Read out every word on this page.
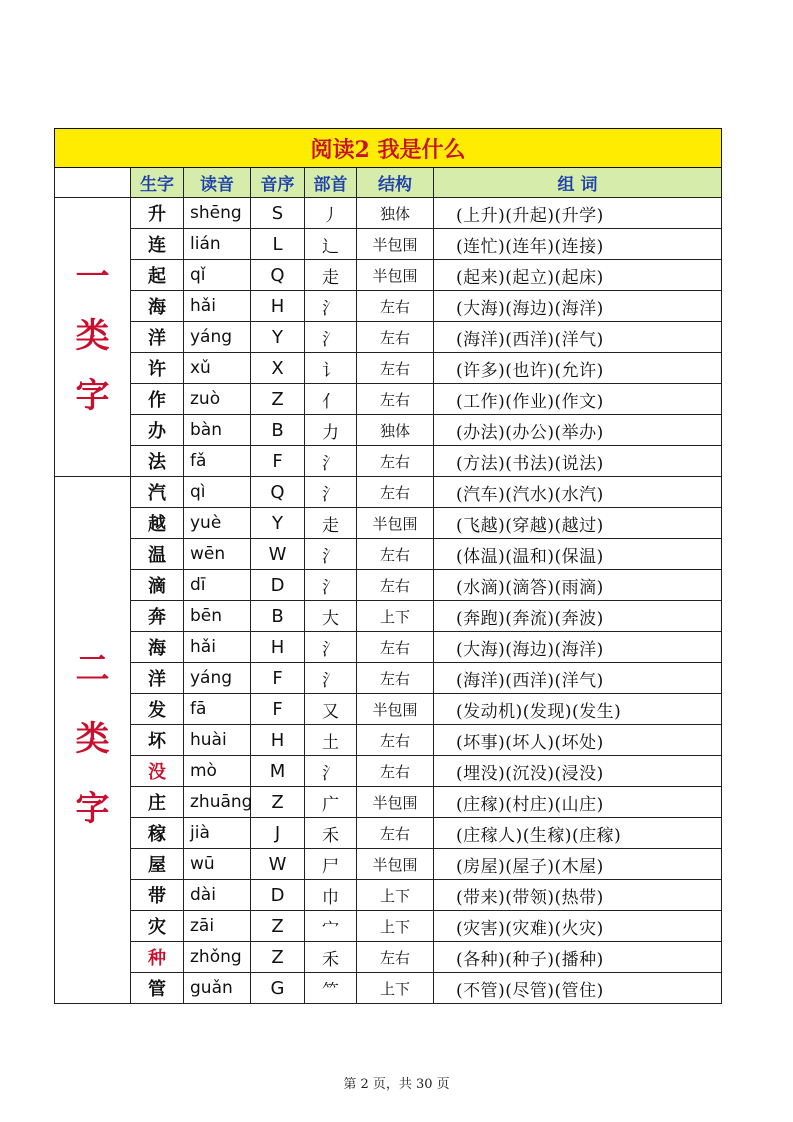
阅读2 我是什么						
	生字	读音	音序	部首	结构	组 词
一类字	升	shēng	S	丿	独体	(上升)(升起)(升学)
	连	lián	L	辶	半包围	(连忙)(连年)(连接)
	起	qǐ	Q	走	半包围	(起来)(起立)(起床)
	海	hǎi	H	氵	左右	(大海)(海边)(海洋)
	洋	yáng	Y	氵	左右	(海洋)(西洋)(洋气)
	许	xǔ	X	讠	左右	(许多)(也许)(允许)
	作	zuò	Z	亻	左右	(工作)(作业)(作文)
	办	bàn	B	力	独体	(办法)(办公)(举办)
	法	fǎ	F	氵	左右	(方法)(书法)(说法)
二类字	汽	qì	Q	氵	左右	(汽车)(汽水)(水汽)
	越	yuè	Y	走	半包围	(飞越)(穿越)(越过)
	温	wēn	W	氵	左右	(体温)(温和)(保温)
	滴	dī	D	氵	左右	(水滴)(滴答)(雨滴)
	奔	bēn	B	大	上下	(奔跑)(奔流)(奔波)
	海	hǎi	H	氵	左右	(大海)(海边)(海洋)
	洋	yáng	F	氵	左右	(海洋)(西洋)(洋气)
	发	fā	F	又	半包围	(发动机)(发现)(发生)
	坏	huài	H	土	左右	(坏事)(坏人)(坏处)
	没	mò	M	氵	左右	(埋没)(沉没)(浸没)
	庄	zhuāng	Z	广	半包围	(庄稼)(村庄)(山庄)
	稼	jià	J	禾	左右	(庄稼人)(生稼)(庄稼)
	屋	wū	W	尸	半包围	(房屋)(屋子)(木屋)
	带	dài	D	巾	上下	(带来)(带领)(热带)
	灾	zāi	Z	宀	上下	(灾害)(灾难)(火灾)
	种	zhǒng	Z	禾	左右	(各种)(种子)(播种)
	管	guǎn	G	⺮	上下	(不管)(尽管)(管住)
第 2 页，共 30 页
